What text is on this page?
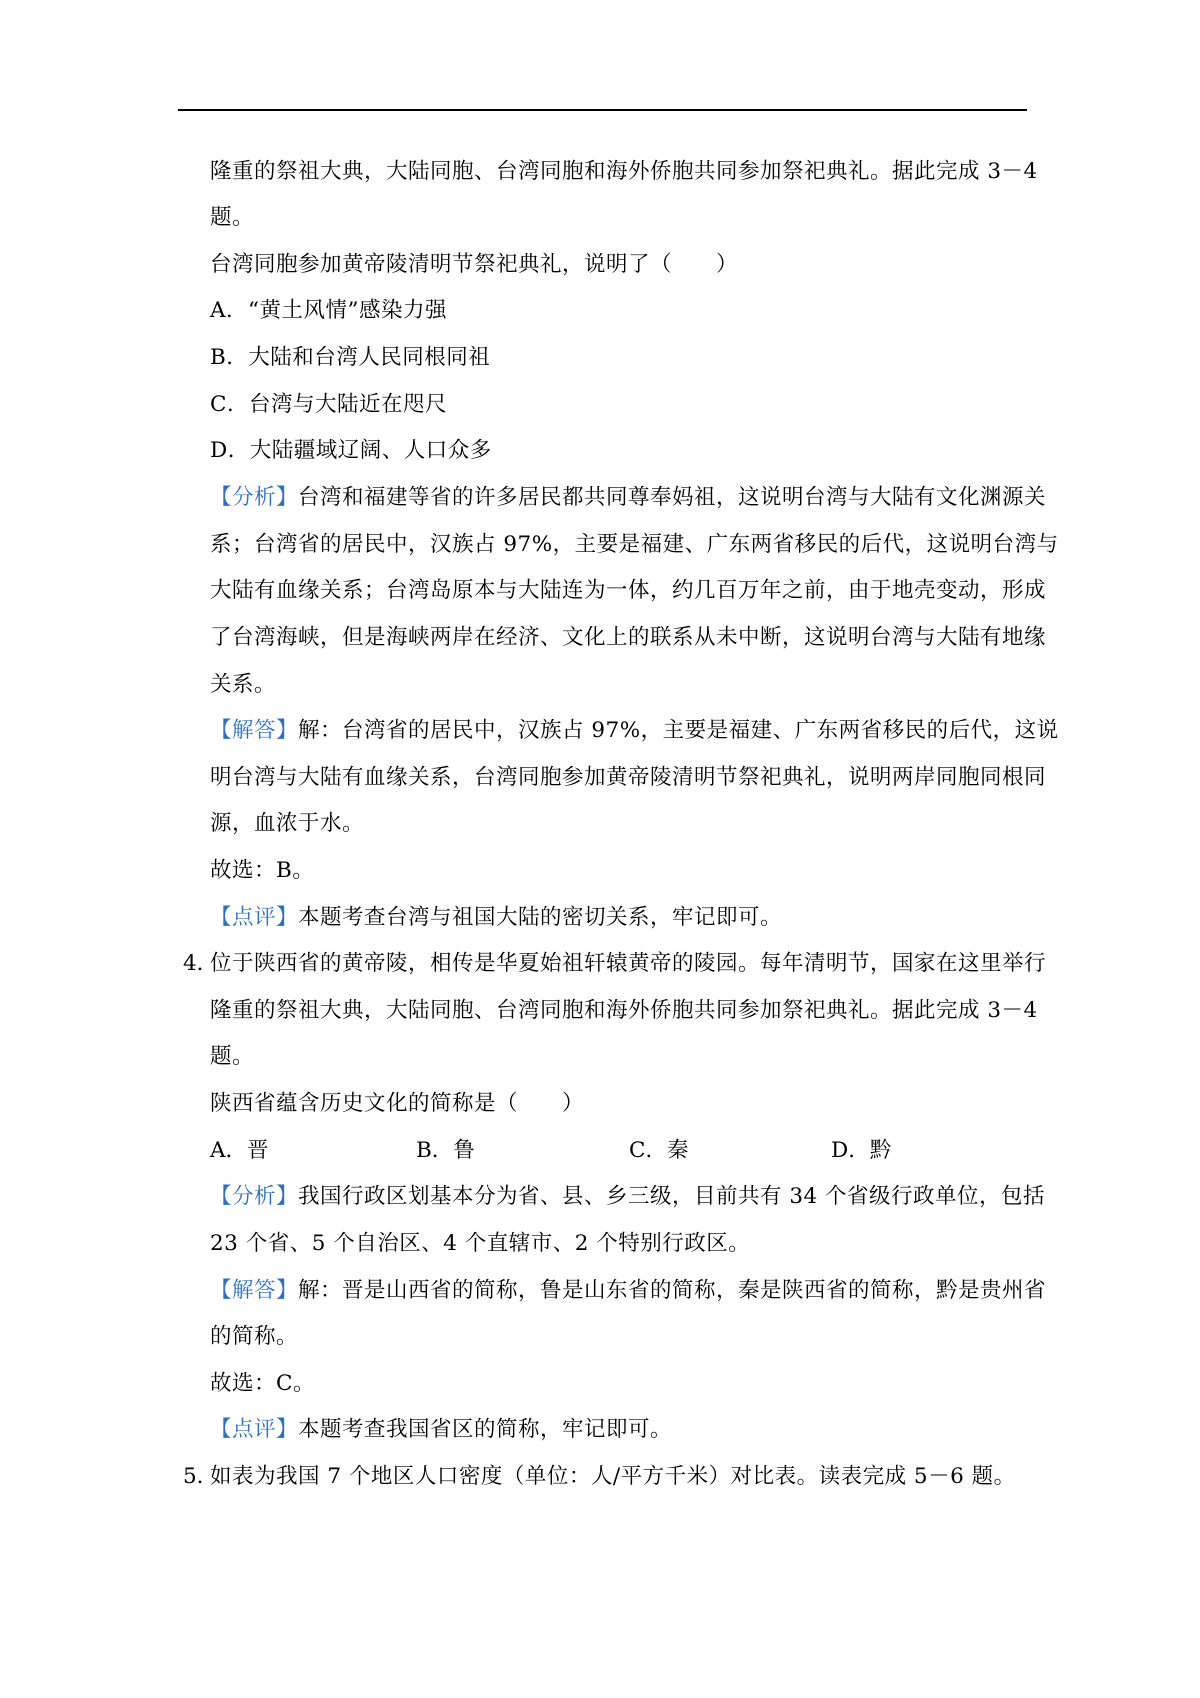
隆重的祭祖大典，大陆同胞、台湾同胞和海外侨胞共同参加祭祀典礼。据此完成 3－4
题。
台湾同胞参加黄帝陵清明节祭祀典礼，说明了（　　）
A．“黄土风情”感染力强
B．大陆和台湾人民同根同祖
C．台湾与大陆近在咫尺
D．大陆疆域辽阔、人口众多
【分析】台湾和福建等省的许多居民都共同尊奉妈祖，这说明台湾与大陆有文化渊源关
系；台湾省的居民中，汉族占 97%，主要是福建、广东两省移民的后代，这说明台湾与
大陆有血缘关系；台湾岛原本与大陆连为一体，约几百万年之前，由于地壳变动，形成
了台湾海峡，但是海峡两岸在经济、文化上的联系从未中断，这说明台湾与大陆有地缘
关系。
【解答】解：台湾省的居民中，汉族占 97%，主要是福建、广东两省移民的后代，这说
明台湾与大陆有血缘关系，台湾同胞参加黄帝陵清明节祭祀典礼，说明两岸同胞同根同
源，血浓于水。
故选：B。
【点评】本题考查台湾与祖国大陆的密切关系，牢记即可。
4．
位于陕西省的黄帝陵，相传是华夏始祖轩辕黄帝的陵园。每年清明节，国家在这里举行
隆重的祭祖大典，大陆同胞、台湾同胞和海外侨胞共同参加祭祀典礼。据此完成 3－4
题。
陕西省蕴含历史文化的简称是（　　）
A．晋	B．鲁	C．秦	D．黔
【分析】我国行政区划基本分为省、县、乡三级，目前共有 34 个省级行政单位，包括
23 个省、5 个自治区、4 个直辖市、2 个特别行政区。
【解答】解：晋是山西省的简称，鲁是山东省的简称，秦是陕西省的简称，黔是贵州省
的简称。
故选：C。
【点评】本题考查我国省区的简称，牢记即可。
5．
如表为我国 7 个地区人口密度（单位：人/平方千米）对比表。读表完成 5－6 题。
